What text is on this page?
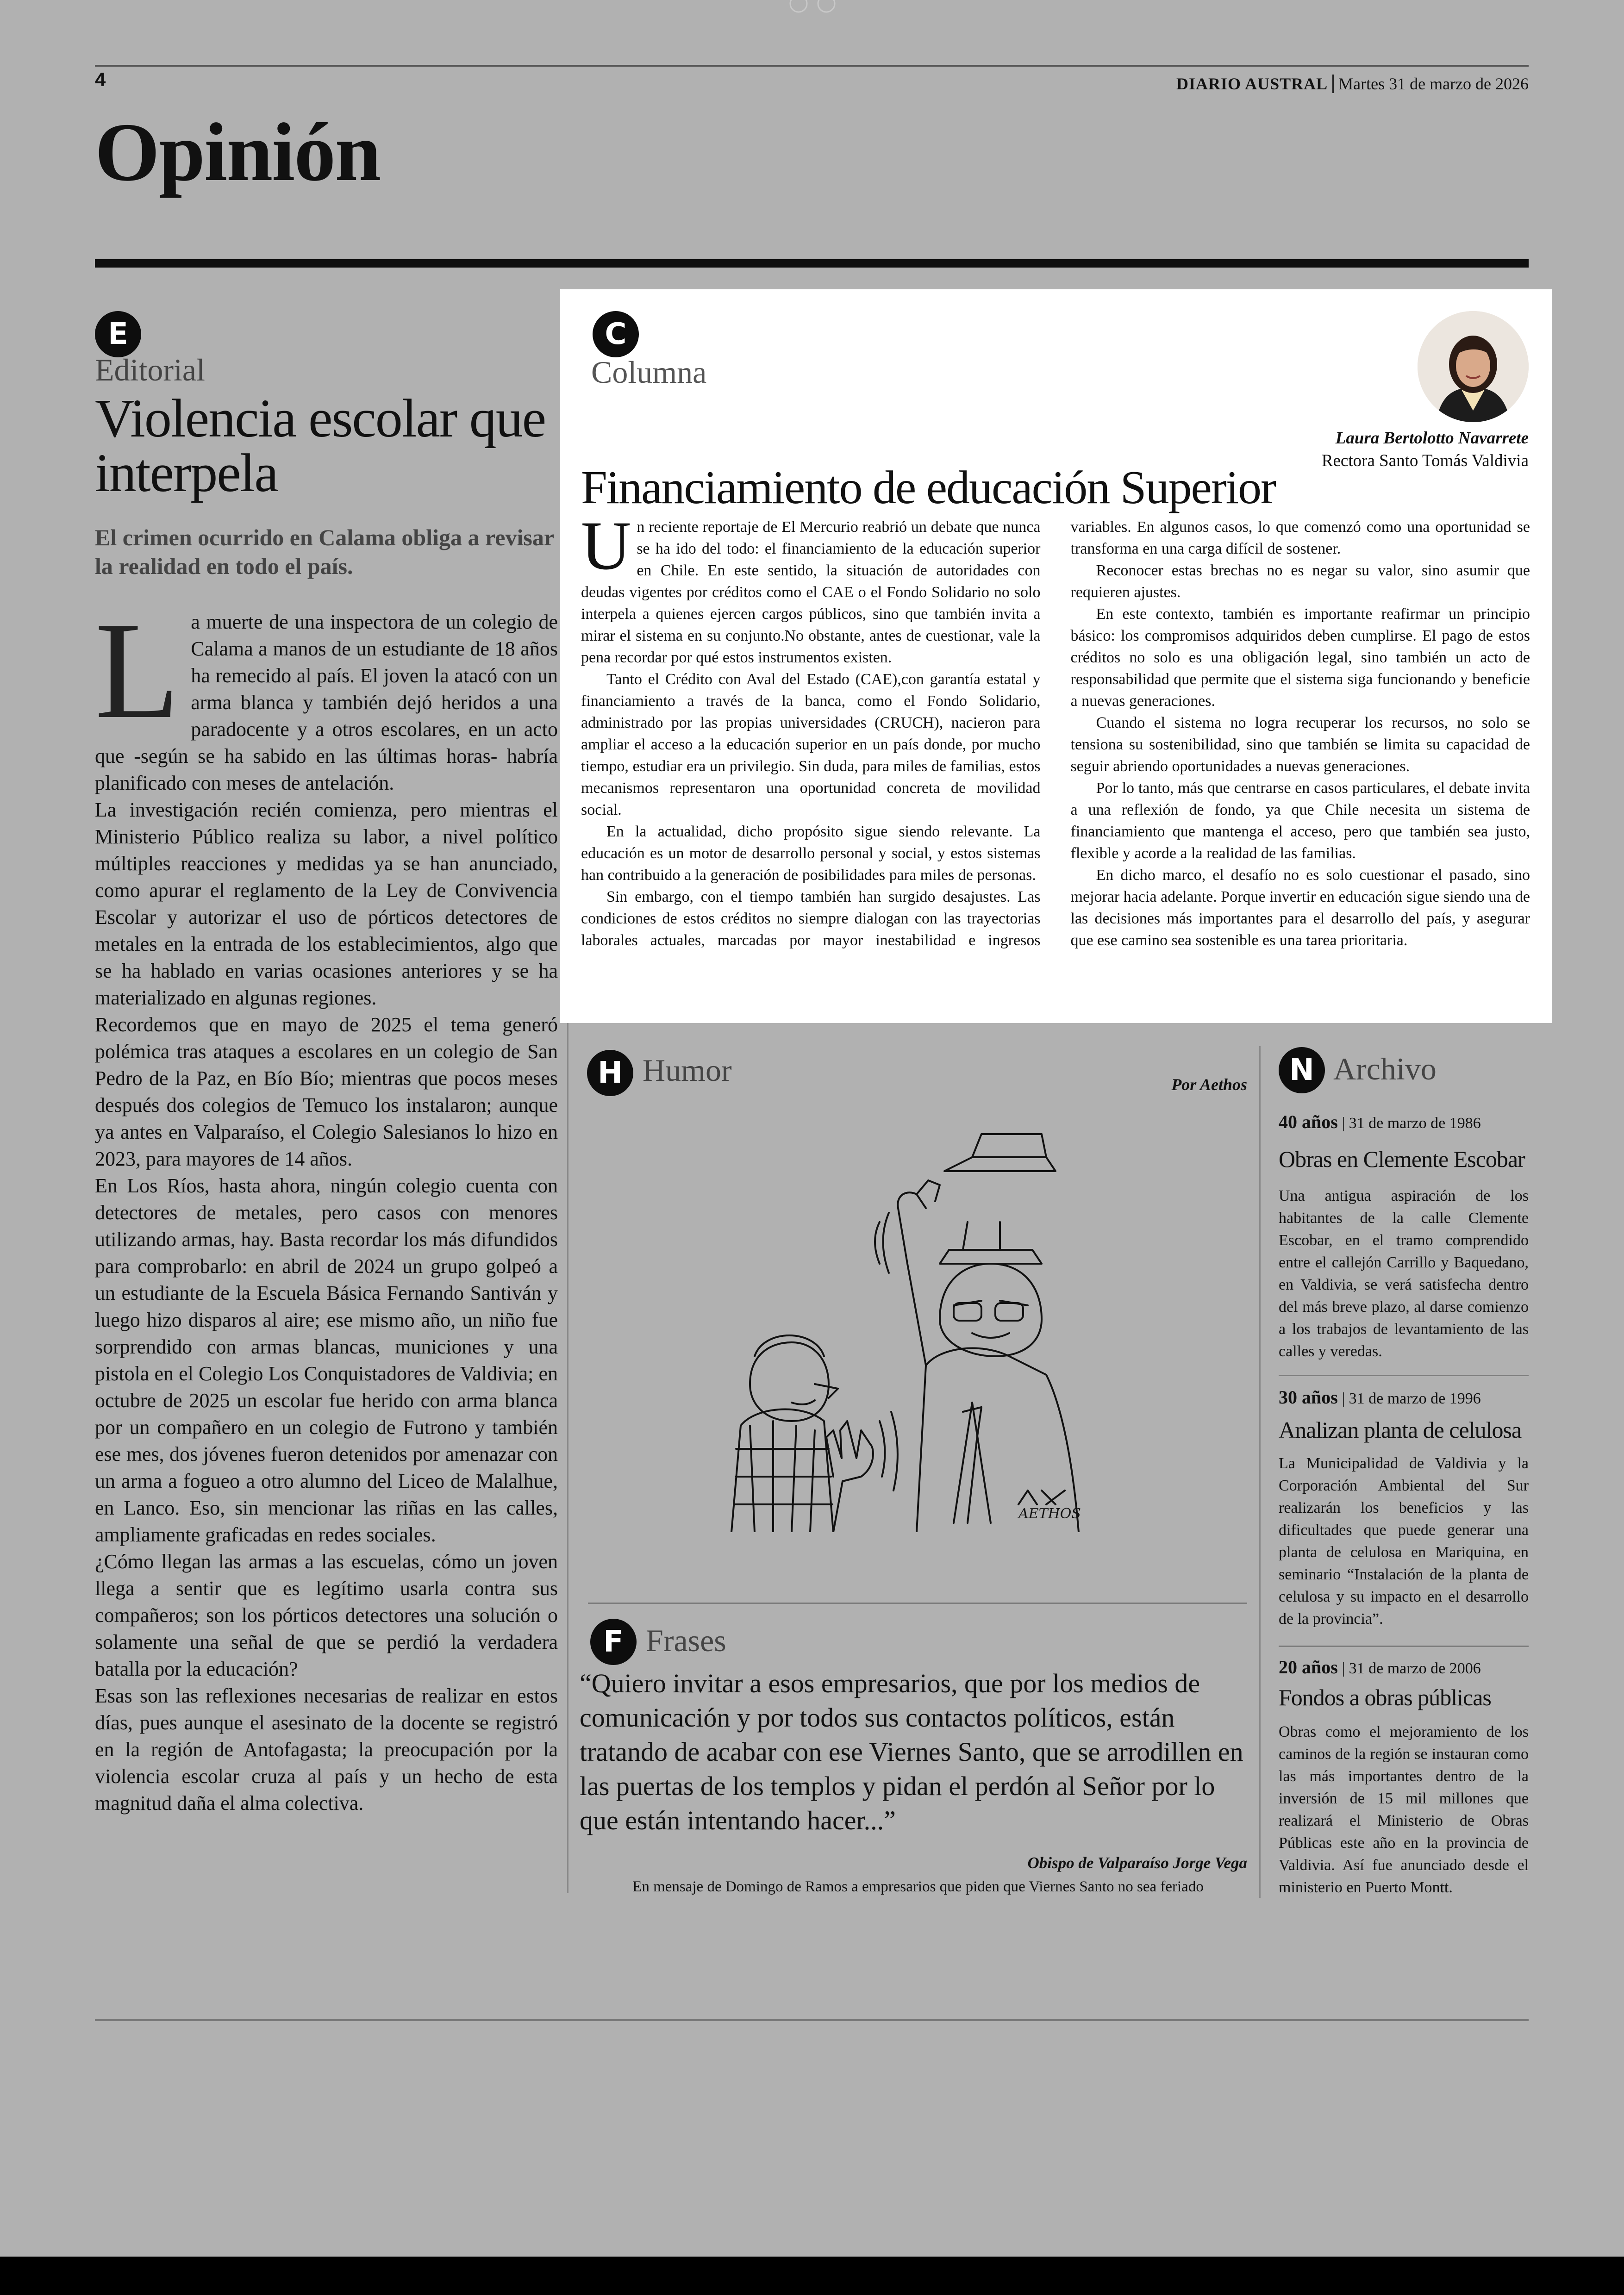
4	DIARIO AUSTRAL Martes 31 de marzo de 2026
Opinión
E
Editorial
Violencia escolar que interpela
El crimen ocurrido en Calama obliga a revisar la realidad en todo el país.

La muerte de una inspectora de un colegio de Calama a manos de un estudiante de 18 años ha remecido al país. El joven la atacó con un arma blanca y también dejó heridos a una paradocente y a otros escolares, en un acto que -según se ha sabido en las últimas horas- habría planificado con meses de antelación.

La investigación recién comienza, pero mientras el Ministerio Público realiza su labor, a nivel político múltiples reacciones y medidas ya se han anunciado, como apurar el reglamento de la Ley de Convivencia Escolar y autorizar el uso de pórticos detectores de metales en la entrada de los establecimientos, algo que se ha hablado en varias ocasiones anteriores y se ha materializado en algunas regiones.

Recordemos que en mayo de 2025 el tema generó polémica tras ataques a escolares en un colegio de San Pedro de la Paz, en Bío Bío; mientras que pocos meses después dos colegios de Temuco los instalaron; aunque ya antes en Valparaíso, el Colegio Salesianos lo hizo en 2023, para mayores de 14 años.

En Los Ríos, hasta ahora, ningún colegio cuenta con detectores de metales, pero casos con menores utilizando armas, hay. Basta recordar los más difundidos para comprobarlo: en abril de 2024 un grupo golpeó a un estudiante de la Escuela Básica Fernando Santiván y luego hizo disparos al aire; ese mismo año, un niño fue sorprendido con armas blancas, municiones y una pistola en el Colegio Los Conquistadores de Valdivia; en octubre de 2025 un escolar fue herido con arma blanca por un compañero en un colegio de Futrono y también ese mes, dos jóvenes fueron detenidos por amenazar con un arma a fogueo a otro alumno del Liceo de Malalhue, en Lanco. Eso, sin mencionar las riñas en las calles, ampliamente graficadas en redes sociales.

¿Cómo llegan las armas a las escuelas, cómo un joven llega a sentir que es legítimo usarla contra sus compañeros; son los pórticos detectores una solución o solamente una señal de que se perdió la verdadera batalla por la educación?

Esas son las reflexiones necesarias de realizar en estos días, pues aunque el asesinato de la docente se registró en la región de Antofagasta; la preocupación por la violencia escolar cruza al país y un hecho de esta magnitud daña el alma colectiva.

C
Columna
Laura Bertolotto Navarrete
Rectora Santo Tomás Valdivia
Financiamiento de educación Superior

Un reciente reportaje de El Mercurio reabrió un debate que nunca se ha ido del todo: el financiamiento de la educación superior en Chile. En este sentido, la situación de autoridades con deudas vigentes por créditos como el CAE o el Fondo Solidario no solo interpela a quienes ejercen cargos públicos, sino que también invita a mirar el sistema en su conjunto.No obstante, antes de cuestionar, vale la pena recordar por qué estos instrumentos existen.

Tanto el Crédito con Aval del Estado (CAE),con garantía estatal y financiamiento a través de la banca, como el Fondo Solidario, administrado por las propias universidades (CRUCH), nacieron para ampliar el acceso a la educación superior en un país donde, por mucho tiempo, estudiar era un privilegio. Sin duda, para miles de familias, estos mecanismos representaron una oportunidad concreta de movilidad social.

En la actualidad, dicho propósito sigue siendo relevante. La educación es un motor de desarrollo personal y social, y estos sistemas han contribuido a la generación de posibilidades para miles de personas.

Sin embargo, con el tiempo también han surgido desajustes. Las condiciones de estos créditos no siempre dialogan con las trayectorias laborales actuales, marcadas por mayor inestabilidad e ingresos variables. En algunos casos, lo que comenzó como una oportunidad se transforma en una carga difícil de sostener.

Reconocer estas brechas no es negar su valor, sino asumir que requieren ajustes.

En este contexto, también es importante reafirmar un principio básico: los compromisos adquiridos deben cumplirse. El pago de estos créditos no solo es una obligación legal, sino también un acto de responsabilidad que permite que el sistema siga funcionando y beneficie a nuevas generaciones.

Cuando el sistema no logra recuperar los recursos, no solo se tensiona su sostenibilidad, sino que también se limita su capacidad de seguir abriendo oportunidades a nuevas generaciones.

Por lo tanto, más que centrarse en casos particulares, el debate invita a una reflexión de fondo, ya que Chile necesita un sistema de financiamiento que mantenga el acceso, pero que también sea justo, flexible y acorde a la realidad de las familias.

En dicho marco, el desafío no es solo cuestionar el pasado, sino mejorar hacia adelante. Porque invertir en educación sigue siendo una de las decisiones más importantes para el desarrollo del país, y asegurar que ese camino sea sostenible es una tarea prioritaria.

H Humor	Por Aethos
AETHOS
F Frases
“Quiero invitar a esos empresarios, que por los medios de comunicación y por todos sus contactos políticos, están tratando de acabar con ese Viernes Santo, que se arrodillen en las puertas de los templos y pidan el perdón al Señor por lo que están intentando hacer...”
Obispo de Valparaíso Jorge Vega
En mensaje de Domingo de Ramos a empresarios que piden que Viernes Santo no sea feriado
N Archivo
40 años | 31 de marzo de 1986
Obras en Clemente Escobar
Una antigua aspiración de los habitantes de la calle Clemente Escobar, en el tramo comprendido entre el callejón Carrillo y Baquedano, en Valdivia, se verá satisfecha dentro del más breve plazo, al darse comienzo a los trabajos de levantamiento de las calles y veredas.
30 años | 31 de marzo de 1996
Analizan planta de celulosa
La Municipalidad de Valdivia y la Corporación Ambiental del Sur realizarán los beneficios y las dificultades que puede generar una planta de celulosa en Mariquina, en seminario “Instalación de la planta de celulosa y su impacto en el desarrollo de la provincia”.
20 años | 31 de marzo de 2006
Fondos a obras públicas
Obras como el mejoramiento de los caminos de la región se instauran como las más importantes dentro de la inversión de 15 mil millones que realizará el Ministerio de Obras Públicas este año en la provincia de Valdivia. Así fue anunciado desde el ministerio en Puerto Montt.
